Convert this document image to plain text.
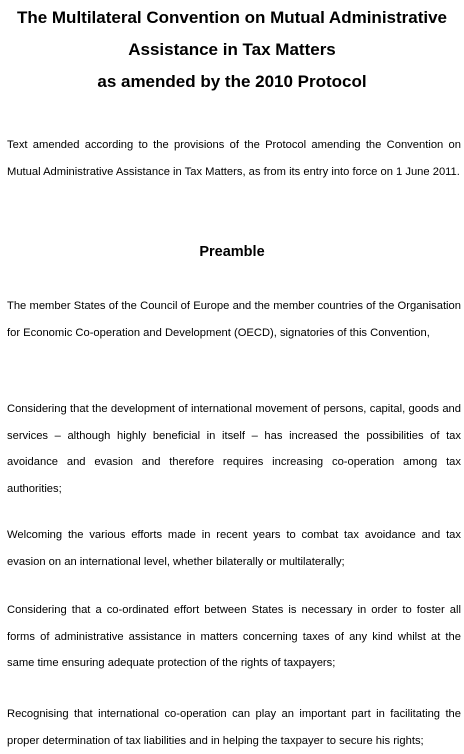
The Multilateral Convention on Mutual Administrative
Assistance in Tax Matters
as amended by the 2010 Protocol

Text amended according to the provisions of the Protocol amending the Convention on Mutual Administrative Assistance in Tax Matters, as from its entry into force on 1 June 2011.

Preamble

The member States of the Council of Europe and the member countries of the Organisation for Economic Co-operation and Development (OECD), signatories of this Convention,

Considering that the development of international movement of persons, capital, goods and services – although highly beneficial in itself – has increased the possibilities of tax avoidance and evasion and therefore requires increasing co-operation among tax authorities;

Welcoming the various efforts made in recent years to combat tax avoidance and tax evasion on an international level, whether bilaterally or multilaterally;

Considering that a co-ordinated effort between States is necessary in order to foster all forms of administrative assistance in matters concerning taxes of any kind whilst at the same time ensuring adequate protection of the rights of taxpayers;

Recognising that international co-operation can play an important part in facilitating the proper determination of tax liabilities and in helping the taxpayer to secure his rights;
